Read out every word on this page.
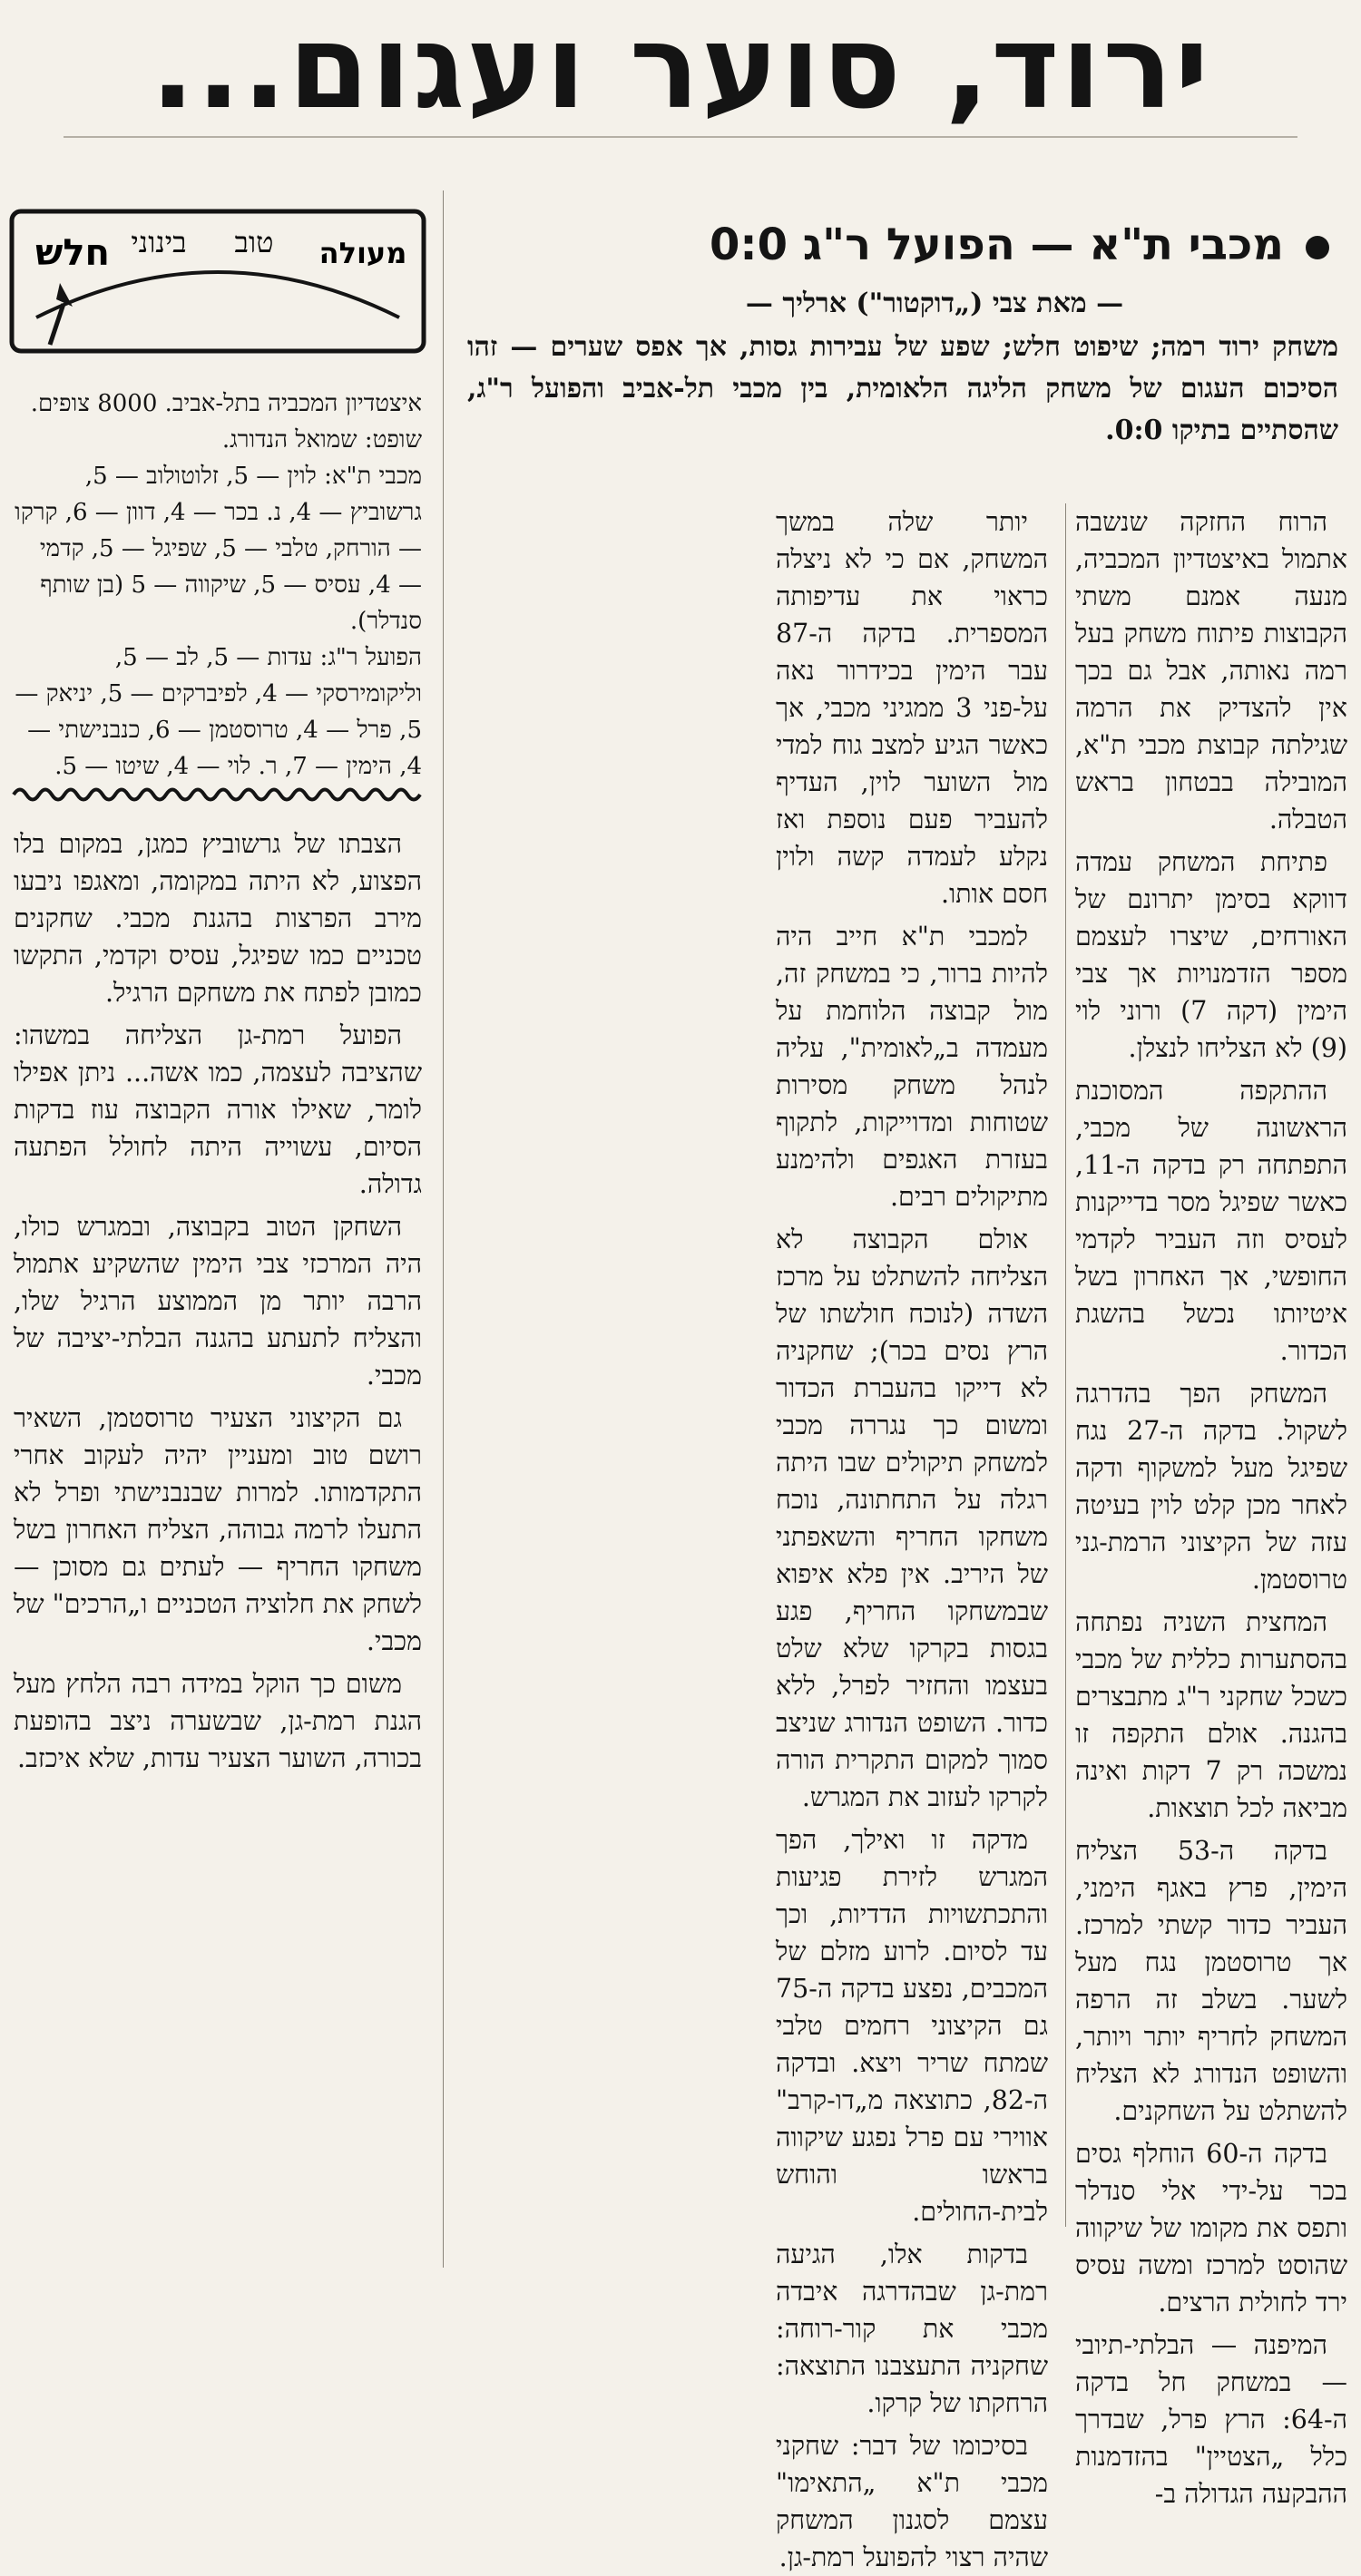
ירוד, סוער ועגום...
מכבי ת"א — הפועל ר"ג 0:0
— מאת צבי („דוקטור") ארליך —
משחק ירוד רמה; שיפוט חלש; שפע של עבירות גסות, אך אפס שערים — זהו הסיכום העגום של משחק הליגה הלאומית, בין מכבי תל-אביב והפועל ר"ג, שהסתיים בתיקו 0:0.

הרוח החזקה שנשבה אתמול באיצטדיון המכביה, מנעה אמנם משתי הקבוצות פיתוח משחק בעל רמה נאותה, אבל גם בכך אין להצדיק את הרמה שגילתה קבוצת מכבי ת"א, המובילה בבטחון בראש הטבלה.

פתיחת המשחק עמדה דווקא בסימן יתרונם של האורחים, שיצרו לעצמם מספר הזדמנויות אך צבי הימין (דקה 7) ורוני לוי (9) לא הצליחו לנצלן.

ההתקפה המסוכנת הראשונה של מכבי, התפתחה רק בדקה ה-11, כאשר שפיגל מסר בדייקנות לעסיס וזה העביר לקדמי החופשי, אך האחרון בשל איטיותו נכשל בהשגת הכדור.

המשחק הפך בהדרגה לשקול. בדקה ה-27 נגח שפיגל מעל למשקוף ודקה לאחר מכן קלט לוין בעיטה עזה של הקיצוני הרמת-גני טרוסטמן.

המחצית השניה נפתחה בהסתערות כללית של מכבי כשכל שחקני ר"ג מתבצרים בהגנה. אולם התקפה זו נמשכה רק 7 דקות ואינה מביאה לכל תוצאות.

בדקה ה-53 הצליח הימין, פרץ באגף הימני, העביר כדור קשתי למרכז. אך טרוסטמן נגח מעל לשער. בשלב זה הרפה המשחק לחריף יותר ויותר, והשופט הנדורג לא הצליח להשתלט על השחקנים.

בדקה ה-60 הוחלף גסים בכר על-ידי אלי סנדלר ותפס את מקומו של שיקווה שהוסט למרכז ומשה עסיס ירד לחולית הרצים.

המיפנה — הבלתי-תיובי — במשחק חל בדקה ה-64: הרץ פרל, שבדרך כלל „הצטיין" בהזדמנות ההבקעה הגדולה ב-

יותר שלה במשך המשחק, אם כי לא ניצלה כראוי את עדיפותה המספרית. בדקה ה-87 עבר הימין בכידרור נאה על-פני 3 ממגיני מכבי, אך כאשר הגיע למצב גוח למדי מול השוער לוין, העדיף להעביר פעם נוספת ואז נקלע לעמדה קשה ולוין חסם אותו.

למכבי ת"א חייב היה להיות ברור, כי במשחק זה, מול קבוצה הלוחמת על מעמדה ב„לאומית", עליה לנהל משחק מסירות שטוחות ומדוייקות, לתקוף בעזרת האגפים ולהימנע מתיקולים רבים.

אולם הקבוצה לא הצליחה להשתלט על מרכז השדה (לנוכח חולשתו של הרץ נסים בכר); שחקניה לא דייקו בהעברת הכדור ומשום כך נגררה מכבי למשחק תיקולים שבו היתה רגלה על התחתונה, נוכח משחקו החריף והשאפתני של היריב. אין פלא איפוא שבמשחקו החריף, פגע בגסות בקרקו שלא שלט בעצמו והחזיר לפרל, ללא כדור. השופט הנדורג שניצב סמוך למקום התקרית הורה לקרקו לעזוב את המגרש.

מדקה זו ואילך, הפך המגרש לזירת פגיעות והתכתשויות הדדיות, וכך עד לסיום. לרוע מזלם של המכבים, נפצע בדקה ה-75 גם הקיצוני רחמים טלבי שמתח שריר ויצא. ובדקה ה-82, כתוצאה מ„דו-קרב" אווירי עם פרל נפגע שיקווה בראשו והוחש לבית-החולים.

בדקות אלו, הגיעה רמת-גן שבהדרגה איבדה מכבי את קור-רוחה: שחקניה התעצבנו התוצאה: הרחקתו של קרקו.

בסיכומו של דבר: שחקני מכבי ת"א „התאימו" עצמם לסגנון המשחק שהיה רצוי להפועל רמת-גן.

מעולה
טוב
בינוני
חלש
איצטדיון המכביה בתל-אביב. 8000 צופים. שופט: שמואל הנדורג.
מכבי ת"א: לוין — 5, זלוטולוב — 5, גרשוביץ — 4, נ. בכר — 4, דוון — 6, קרקו — הורחק, טלבי — 5, שפיגל — 5, קדמי — 4, עסיס — 5, שיקווה — 5 (בן שותף סנדלר).
הפועל ר"ג: עדות — 5, לב — 5, וליקומירסקי — 4, לפיברקים — 5, יניאק — 5, פרל — 4, טרוסטמן — 6, כנבנישתי — 4, הימין — 7, ר. לוי — 4, שיטו — 5.

הצבתו של גרשוביץ כמגן, במקום בלו הפצוע, לא היתה במקומה, ומאגפו ניבעו מירב הפרצות בהגנת מכבי. שחקנים טכניים כמו שפיגל, עסיס וקדמי, התקשו כמובן לפתח את משחקם הרגיל.

הפועל רמת-גן הצליחה במשהו: שהציבה לעצמה, כמו אשה... ניתן אפילו לומר, שאילו אורה הקבוצה עוז בדקות הסיום, עשוייה היתה לחולל הפתעה גדולה.

השחקן הטוב בקבוצה, ובמגרש כולו, היה המרכזי צבי הימין שהשקיע אתמול הרבה יותר מן הממוצע הרגיל שלו, והצליח לתעתע בהגנה הבלתי-יציבה של מכבי.

גם הקיצוני הצעיר טרוסטמן, השאיר רושם טוב ומעניין יהיה לעקוב אחרי התקדמותו. למרות שבנבנישתי ופרל לא התעלו לרמה גבוהה, הצליח האחרון בשל משחקו החריף — לעתים גם מסוכן — לשחק את חלוציה הטכניים ו„הרכים" של מכבי.

משום כך הוקל במידה רבה הלחץ מעל הגנת רמת-גן, שבשערה ניצב בהופעת בכורה, השוער הצעיר עדות, שלא איכזב.
